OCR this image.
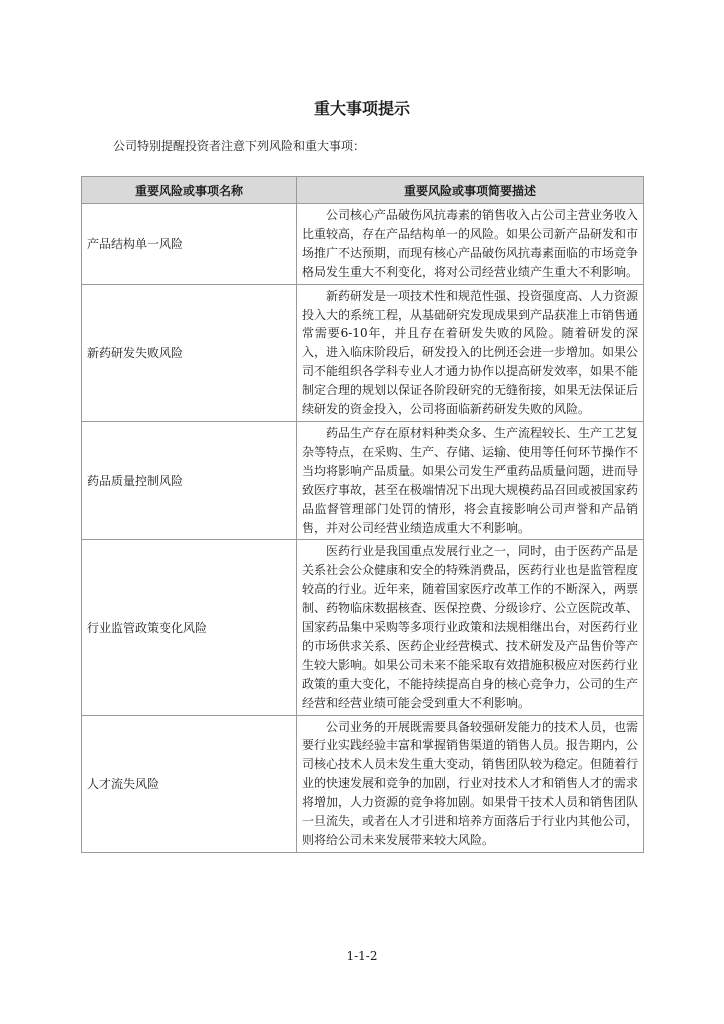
重大事项提示
公司特别提醒投资者注意下列风险和重大事项：
重要风险或事项名称	重要风险或事项简要描述
产品结构单一风险	公司核心产品破伤风抗毒素的销售收入占公司主营业务收入比重较高，存在产品结构单一的风险。如果公司新产品研发和市场推广不达预期，而现有核心产品破伤风抗毒素面临的市场竞争格局发生重大不利变化，将对公司经营业绩产生重大不利影响。
新药研发失败风险	新药研发是一项技术性和规范性强、投资强度高、人力资源投入大的系统工程，从基础研究发现成果到产品获准上市销售通常需要6-10年，并且存在着研发失败的风险。随着研发的深入，进入临床阶段后，研发投入的比例还会进一步增加。如果公司不能组织各学科专业人才通力协作以提高研发效率，如果不能制定合理的规划以保证各阶段研究的无缝衔接，如果无法保证后续研发的资金投入，公司将面临新药研发失败的风险。
药品质量控制风险	药品生产存在原材料种类众多、生产流程较长、生产工艺复杂等特点，在采购、生产、存储、运输、使用等任何环节操作不当均将影响产品质量。如果公司发生严重药品质量问题，进而导致医疗事故，甚至在极端情况下出现大规模药品召回或被国家药品监督管理部门处罚的情形，将会直接影响公司声誉和产品销售，并对公司经营业绩造成重大不利影响。
行业监管政策变化风险	医药行业是我国重点发展行业之一，同时，由于医药产品是关系社会公众健康和安全的特殊消费品，医药行业也是监管程度较高的行业。近年来，随着国家医疗改革工作的不断深入，两票制、药物临床数据核查、医保控费、分级诊疗、公立医院改革、国家药品集中采购等多项行业政策和法规相继出台，对医药行业的市场供求关系、医药企业经营模式、技术研发及产品售价等产生较大影响。如果公司未来不能采取有效措施积极应对医药行业政策的重大变化，不能持续提高自身的核心竞争力，公司的生产经营和经营业绩可能会受到重大不利影响。
人才流失风险	公司业务的开展既需要具备较强研发能力的技术人员，也需要行业实践经验丰富和掌握销售渠道的销售人员。报告期内，公司核心技术人员未发生重大变动，销售团队较为稳定。但随着行业的快速发展和竞争的加剧，行业对技术人才和销售人才的需求将增加，人力资源的竞争将加剧。如果骨干技术人员和销售团队一旦流失，或者在人才引进和培养方面落后于行业内其他公司，则将给公司未来发展带来较大风险。
1-1-2
